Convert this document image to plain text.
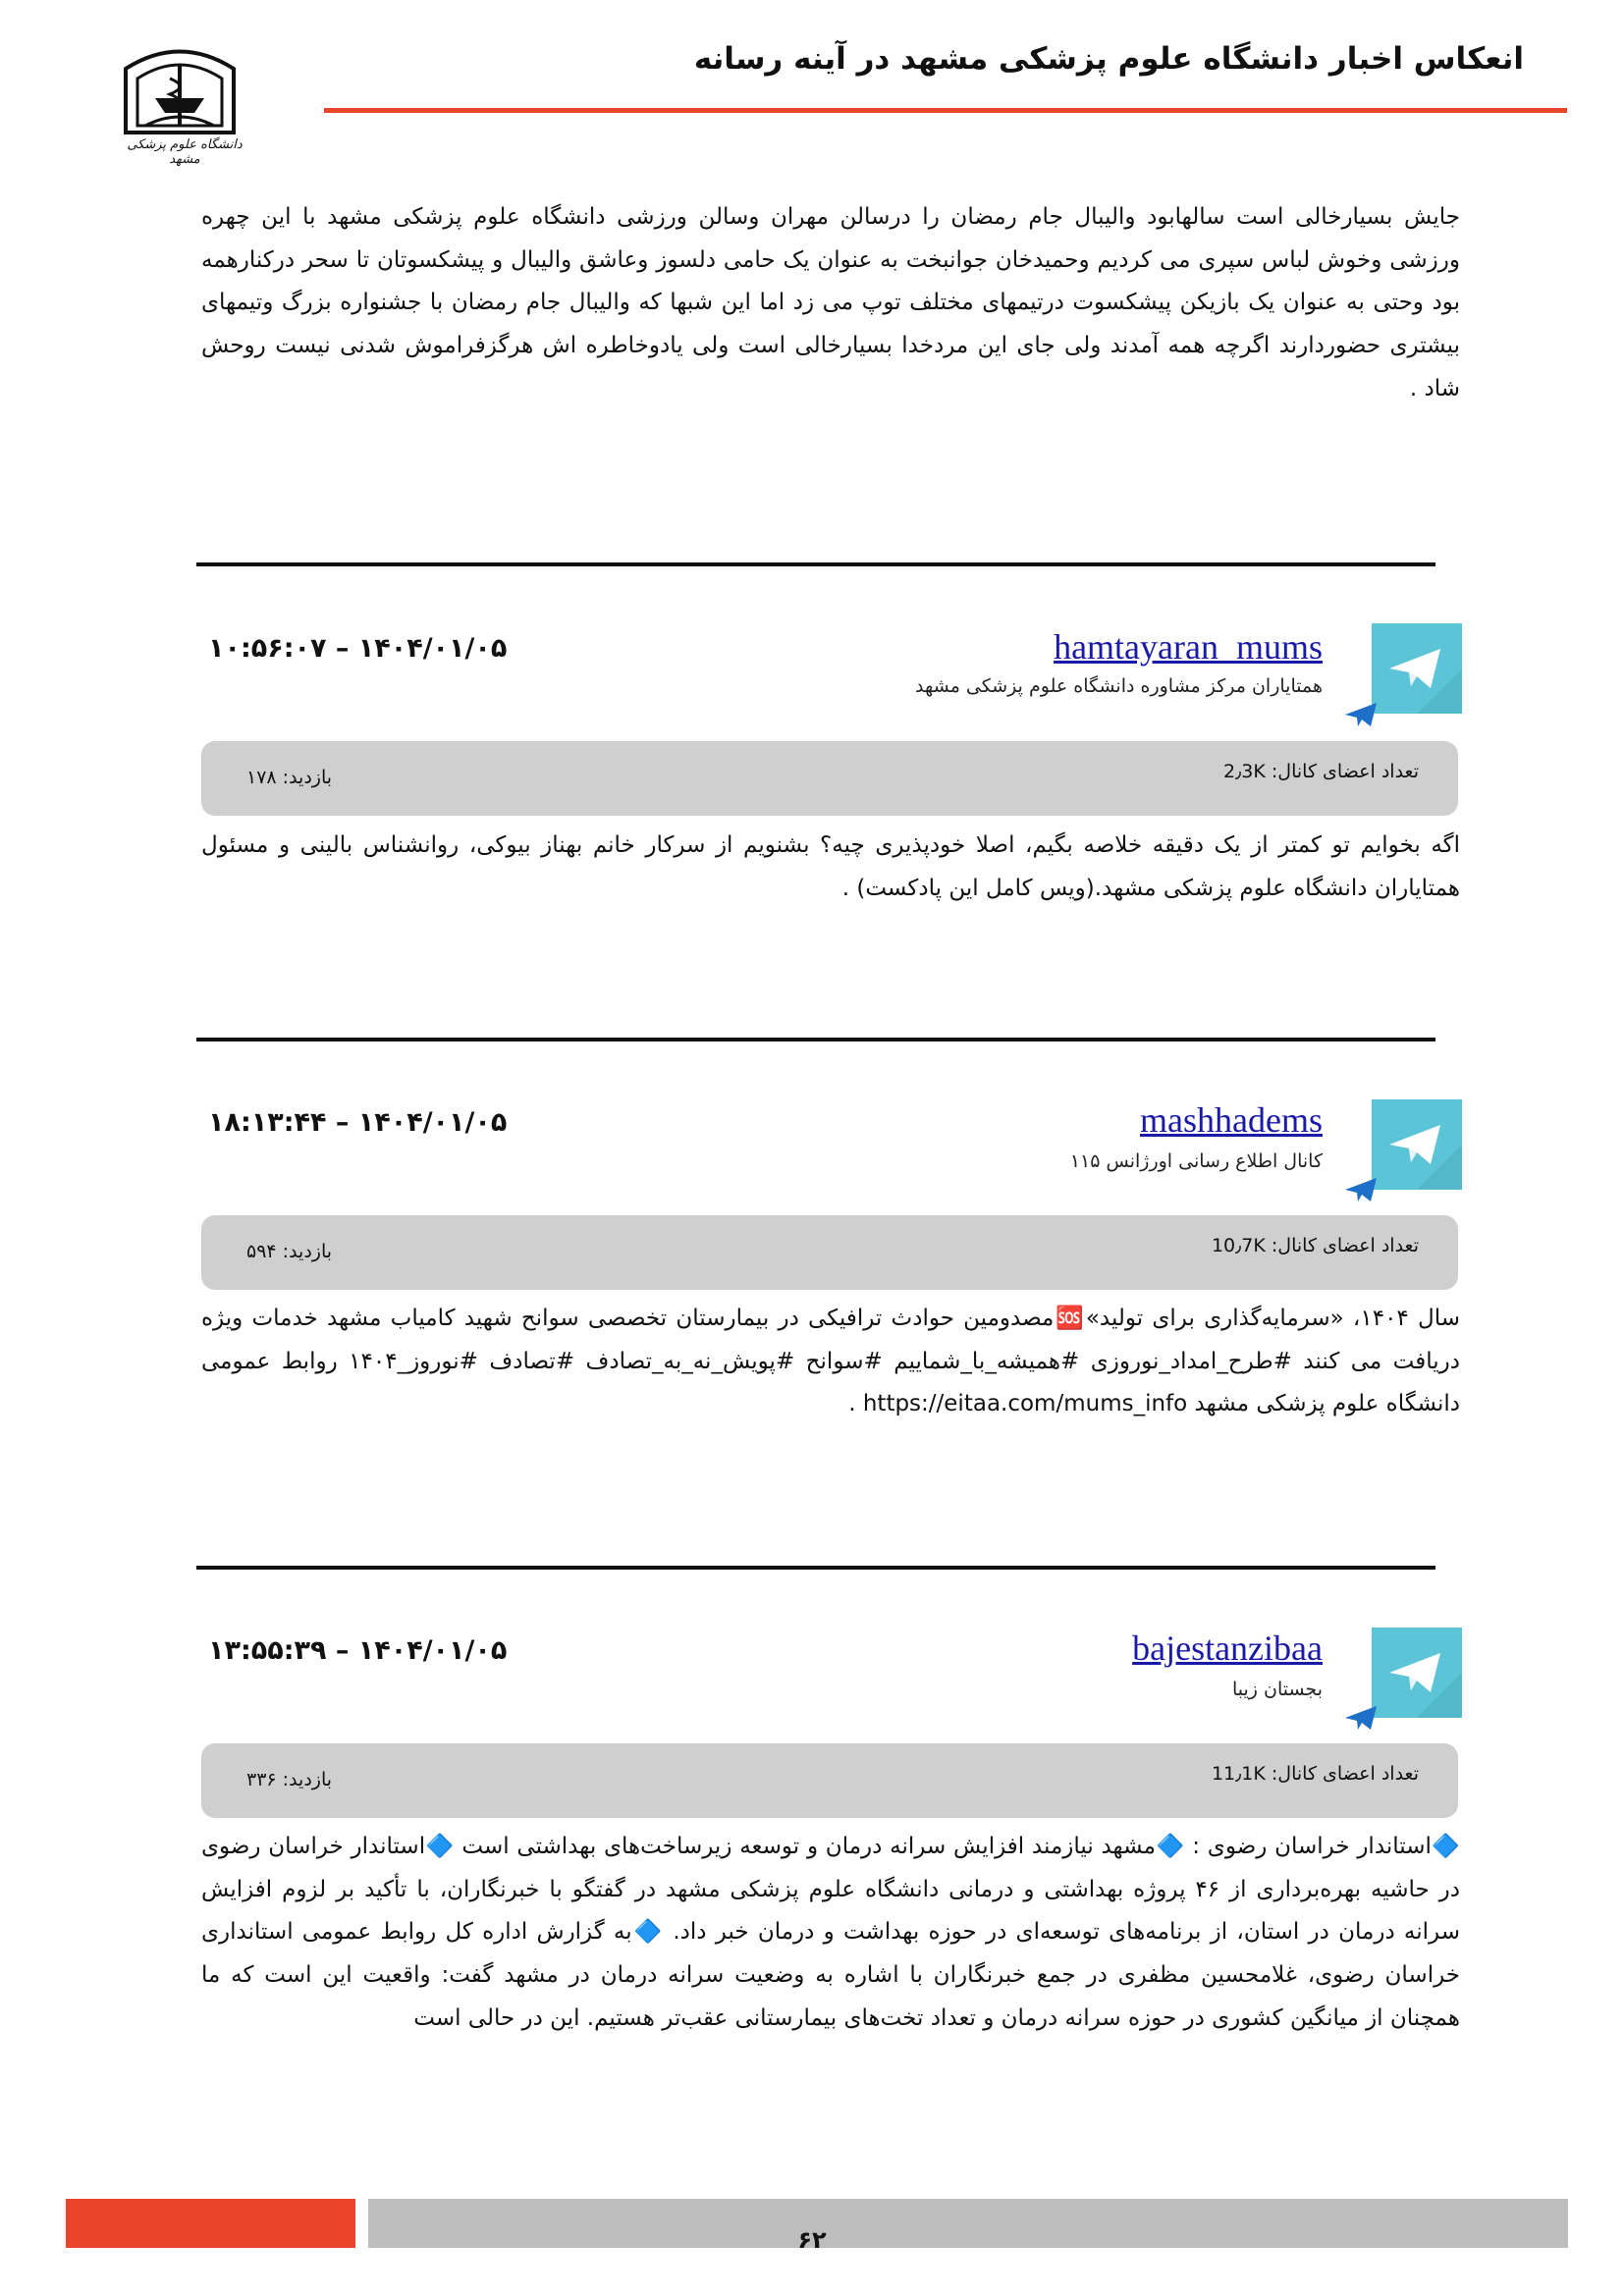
انعکاس اخبار دانشگاه علوم پزشکی مشهد در آینه رسانه
دانشگاه علوم پزشکی مشهد
جایش بسیارخالی است سالهابود والیبال جام رمضان را درسالن مهران وسالن ورزشی دانشگاه علوم پزشکی مشهد با این چهره ورزشی وخوش لباس سپری می کردیم وحمیدخان جوانبخت به عنوان یک حامی دلسوز وعاشق والیبال و پیشکسوتان تا سحر درکنارهمه بود وحتی به عنوان یک بازیکن پیشکسوت درتیمهای مختلف توپ می زد اما این شبها که والیبال جام رمضان با جشنواره بزرگ وتیمهای بیشتری حضوردارند اگرچه همه آمدند ولی جای این مردخدا بسیارخالی است ولی یادوخاطره اش هرگزفراموش شدنی نیست روحش شاد .
hamtayaran_mums
همتایاران مرکز مشاوره دانشگاه علوم پزشکی مشهد
۱۰:۵۶:۰۷ – ۱۴۰۴/۰۱/۰۵
تعداد اعضای کانال: 2٫3K
بازدید: ۱۷۸
اگه بخوایم تو کمتر از یک دقیقه خلاصه بگیم، اصلا خودپذیری چیه؟ بشنویم از سرکار خانم بهناز بیوکی، روانشناس بالینی و مسئول همتایاران دانشگاه علوم پزشکی مشهد.(ویس کامل این پادکست) .
mashhadems
کانال اطلاع رسانی اورژانس ۱۱۵
۱۸:۱۳:۴۴ – ۱۴۰۴/۰۱/۰۵
تعداد اعضای کانال: 10٫7K
بازدید: ۵۹۴
سال ۱۴۰۴، «سرمایه‌گذاری برای تولید»🆘مصدومین حوادث ترافیکی در بیمارستان تخصصی سوانح شهید کامیاب مشهد خدمات ویژه دریافت می کنند #طرح_امداد_نوروزی #همیشه_با_شماییم #سوانح #پویش_نه_به_تصادف #تصادف #نوروز_۱۴۰۴ روابط عمومی دانشگاه علوم پزشکی مشهد https://eitaa.com/mums_info .
bajestanzibaa
بجستان زیبا
۱۳:۵۵:۳۹ – ۱۴۰۴/۰۱/۰۵
تعداد اعضای کانال: 11٫1K
بازدید: ۳۳۶
🔷استاندار خراسان رضوی : 🔷مشهد نیازمند افزایش سرانه درمان و توسعه زیرساخت‌های بهداشتی است 🔷استاندار خراسان رضوی در حاشیه بهره‌برداری از ۴۶ پروژه بهداشتی و درمانی دانشگاه علوم پزشکی مشهد در گفتگو با خبرنگاران، با تأکید بر لزوم افزایش سرانه درمان در استان، از برنامه‌های توسعه‌ای در حوزه بهداشت و درمان خبر داد. 🔷به گزارش اداره کل روابط عمومی استانداری خراسان رضوی، غلامحسین مظفری در جمع خبرنگاران با اشاره به وضعیت سرانه درمان در مشهد گفت: واقعیت این است که ما همچنان از میانگین کشوری در حوزه سرانه درمان و تعداد تخت‌های بیمارستانی عقب‌تر هستیم. این در حالی است
۶۲
